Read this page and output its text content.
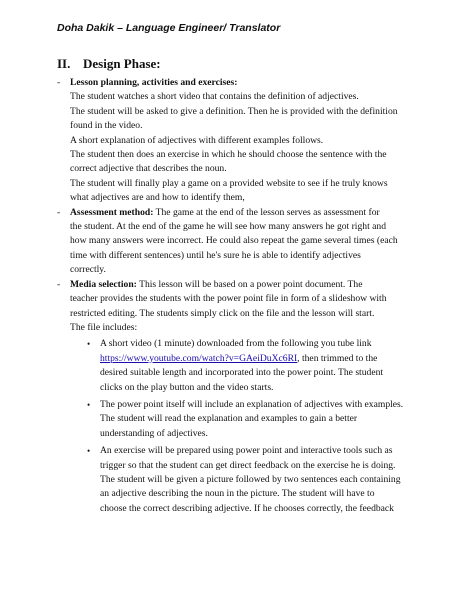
Doha Dakik – Language Engineer/ Translator
II. Design Phase:
- Lesson planning, activities and exercises:
The student watches a short video that contains the definition of adjectives.
The student will be asked to give a definition. Then he is provided with the definition
found in the video.
A short explanation of adjectives with different examples follows.
The student then does an exercise in which he should choose the sentence with the
correct adjective that describes the noun.
The student will finally play a game on a provided website to see if he truly knows
what adjectives are and how to identify them,
- Assessment method: The game at the end of the lesson serves as assessment for
the student. At the end of the game he will see how many answers he got right and
how many answers were incorrect. He could also repeat the game several times (each
time with different sentences) until he's sure he is able to identify adjectives
correctly.
- Media selection: This lesson will be based on a power point document. The
teacher provides the students with the power point file in form of a slideshow with
restricted editing. The students simply click on the file and the lesson will start.
The file includes:
• A short video (1 minute) downloaded from the following you tube link
https://www.youtube.com/watch?v=GAeiDuXc6RI, then trimmed to the
desired suitable length and incorporated into the power point. The student
clicks on the play button and the video starts.
• The power point itself will include an explanation of adjectives with examples.
The student will read the explanation and examples to gain a better
understanding of adjectives.
• An exercise will be prepared using power point and interactive tools such as
trigger so that the student can get direct feedback on the exercise he is doing.
The student will be given a picture followed by two sentences each containing
an adjective describing the noun in the picture. The student will have to
choose the correct describing adjective. If he chooses correctly, the feedback
